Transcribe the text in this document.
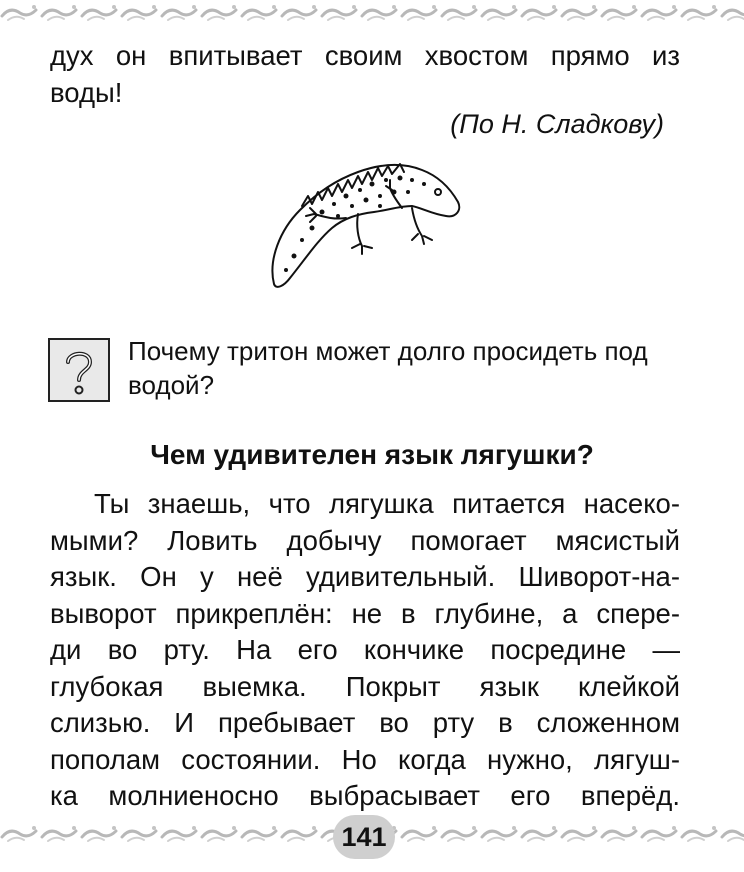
дух он впитывает своим хвостом прямо из
воды!
(По Н. Сладкову)
Почему тритон может долго просидеть под
водой?
Чем удивителен язык лягушки?
Ты знаешь, что лягушка питается насеко-
мыми? Ловить добычу помогает мясистый
язык. Он у неё удивительный. Шиворот-на-
выворот прикреплён: не в глубине, а спере-
ди во рту. На его кончике посредине —
глубокая выемка. Покрыт язык клейкой
слизью. И пребывает во рту в сложенном
пополам состоянии. Но когда нужно, лягуш-
ка молниеносно выбрасывает его вперёд.
141
